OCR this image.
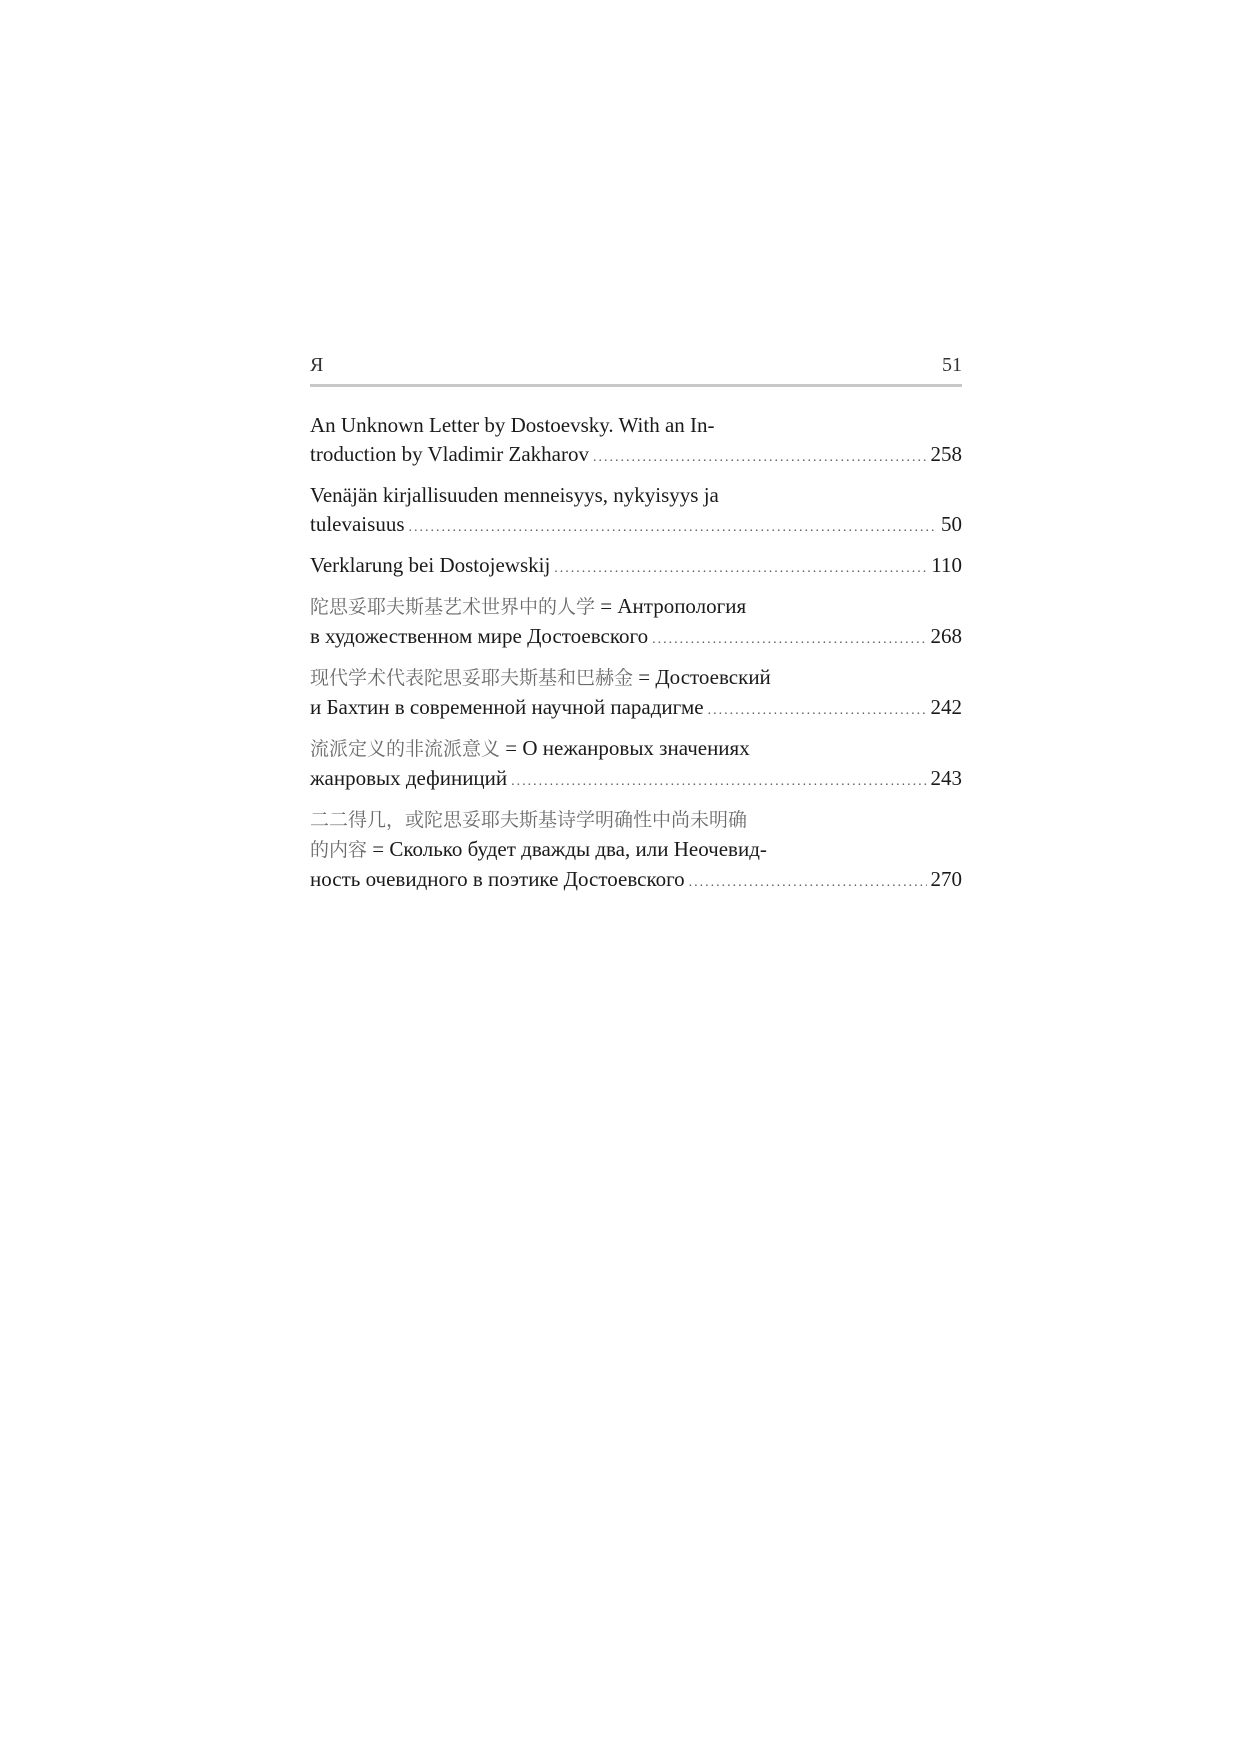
Я	51
An Unknown Letter by Dostoevsky. With an In-
troduction by Vladimir Zakharov .....	258
Venäjän kirjallisuuden menneisyys, nykyisyys ja
tulevaisuus .....	50
Verklarung bei Dostojewskij .....	110
陀思妥耶夫斯基艺术世界中的人学 = Антропология
в художественном мире Достоевского .....	268
现代学术代表陀思妥耶夫斯基和巴赫金 = Достоевский
и Бахтин в современной научной парадигме .....	242
流派定义的非流派意义 = О нежанровых значениях
жанровых дефиниций .....	243
二二得几，或陀思妥耶夫斯基诗学明确性中尚未明确
的内容 = Сколько будет дважды два, или Неочевид-
ность очевидного в поэтике Достоевского .....	270
